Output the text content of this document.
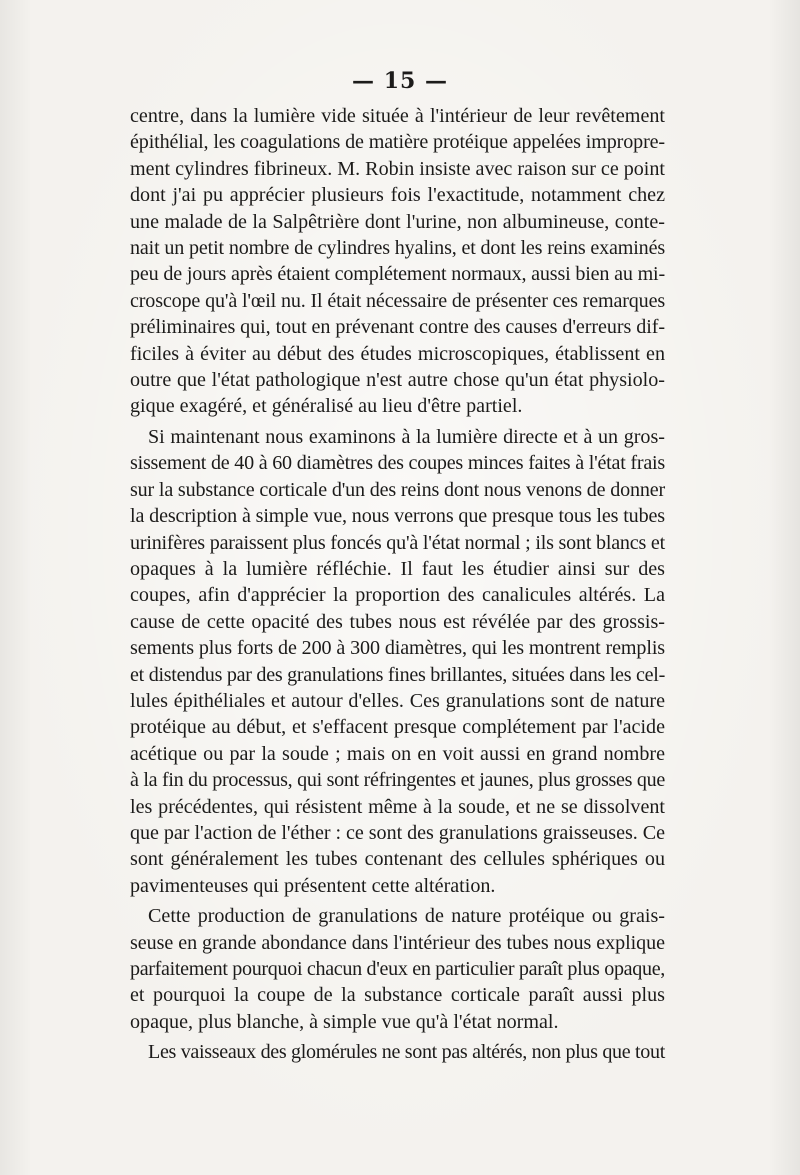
— 15 —
centre, dans la lumière vide située à l'intérieur de leur revêtement
épithélial, les coagulations de matière protéique appelées impropre-
ment cylindres fibrineux. M. Robin insiste avec raison sur ce point
dont j'ai pu apprécier plusieurs fois l'exactitude, notamment chez
une malade de la Salpêtrière dont l'urine, non albumineuse, conte-
nait un petit nombre de cylindres hyalins, et dont les reins examinés
peu de jours après étaient complétement normaux, aussi bien au mi-
croscope qu'à l'œil nu. Il était nécessaire de présenter ces remarques
préliminaires qui, tout en prévenant contre des causes d'erreurs dif-
ficiles à éviter au début des études microscopiques, établissent en
outre que l'état pathologique n'est autre chose qu'un état physiolo-
gique exagéré, et généralisé au lieu d'être partiel.
Si maintenant nous examinons à la lumière directe et à un gros-
sissement de 40 à 60 diamètres des coupes minces faites à l'état frais
sur la substance corticale d'un des reins dont nous venons de donner
la description à simple vue, nous verrons que presque tous les tubes
urinifères paraissent plus foncés qu'à l'état normal ; ils sont blancs et
opaques à la lumière réfléchie. Il faut les étudier ainsi sur des
coupes, afin d'apprécier la proportion des canalicules altérés. La
cause de cette opacité des tubes nous est révélée par des grossis-
sements plus forts de 200 à 300 diamètres, qui les montrent remplis
et distendus par des granulations fines brillantes, situées dans les cel-
lules épithéliales et autour d'elles. Ces granulations sont de nature
protéique au début, et s'effacent presque complétement par l'acide
acétique ou par la soude ; mais on en voit aussi en grand nombre
à la fin du processus, qui sont réfringentes et jaunes, plus grosses que
les précédentes, qui résistent même à la soude, et ne se dissolvent
que par l'action de l'éther : ce sont des granulations graisseuses. Ce
sont généralement les tubes contenant des cellules sphériques ou
pavimenteuses qui présentent cette altération.
Cette production de granulations de nature protéique ou grais-
seuse en grande abondance dans l'intérieur des tubes nous explique
parfaitement pourquoi chacun d'eux en particulier paraît plus opaque,
et pourquoi la coupe de la substance corticale paraît aussi plus
opaque, plus blanche, à simple vue qu'à l'état normal.
Les vaisseaux des glomérules ne sont pas altérés, non plus que tout
